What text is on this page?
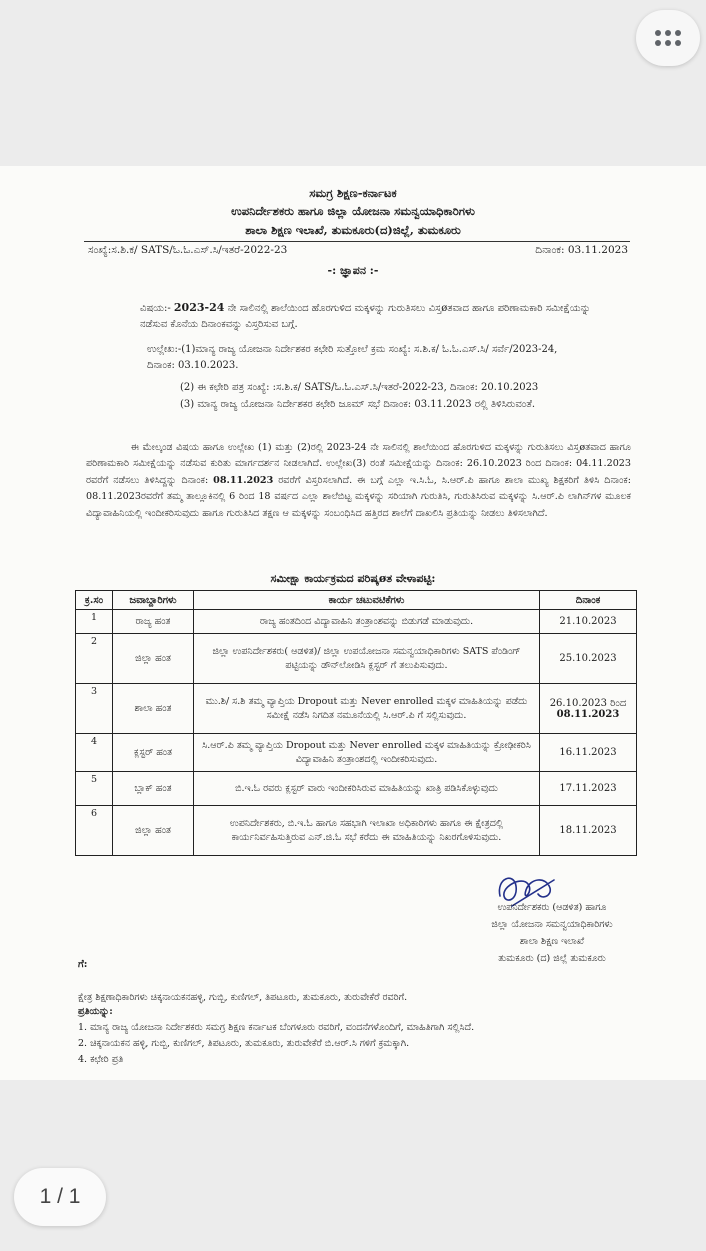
ಸಮಗ್ರ ಶಿಕ್ಷಣ-ಕರ್ನಾಟಕ
ಉಪನಿರ್ದೇಶಕರು ಹಾಗೂ ಜಿಲ್ಲಾ ಯೋಜನಾ ಸಮನ್ವಯಾಧಿಕಾರಿಗಳು
ಶಾಲಾ ಶಿಕ್ಷಣ ಇಲಾಖೆ, ತುಮಕೂರು(ದ)ಜಿಲ್ಲೆ, ತುಮಕೂರು
ಸಂಖ್ಯೆ:ಸ.ಶಿ.ಕ/ SATS/ಓ.ಓ.ಎಸ್.ಸಿ/ಇತರೆ-2022-23	ದಿನಾಂಕ: 03.11.2023
-: ಜ್ಞಾಪನ :-
ವಿಷಯ:- 2023-24 ನೇ ಸಾಲಿನಲ್ಲಿ ಶಾಲೆಯಿಂದ ಹೊರಗುಳಿದ ಮಕ್ಕಳನ್ನು ಗುರುತಿಸಲು ವಿಸ್ತøತವಾದ ಹಾಗೂ ಪರಿಣಾಮಕಾರಿ ಸಮೀಕ್ಷೆಯನ್ನು ನಡೆಸುವ ಕೊನೆಯ ದಿನಾಂಕವನ್ನು ವಿಸ್ತರಿಸುವ ಬಗ್ಗೆ.
ಉಲ್ಲೇಖ:-(1)ಮಾನ್ಯ ರಾಜ್ಯ ಯೋಜನಾ ನಿರ್ದೇಶಕರ ಕಛೇರಿ ಸುತ್ತೋಲೆ ಕ್ರಮ ಸಂಖ್ಯೆ: ಸ.ಶಿ.ಕ/ ಓ.ಓ.ಎಸ್.ಸಿ/ ಸರ್ವೆ/2023-24, ದಿನಾಂಕ: 03.10.2023.
(2) ಈ ಕಛೇರಿ ಪತ್ರ ಸಂಖ್ಯೆ: :ಸ.ಶಿ.ಕ/ SATS/ಓ.ಓ.ಎಸ್.ಸಿ/ಇತರೆ-2022-23, ದಿನಾಂಕ: 20.10.2023
(3) ಮಾನ್ಯ ರಾಜ್ಯ ಯೋಜನಾ ನಿರ್ದೇಶಕರ ಕಛೇರಿ ಜೂಮ್ ಸಭೆ ದಿನಾಂಕ: 03.11.2023 ರಲ್ಲಿ ತಿಳಿಸಿರುವಂತೆ.
ಈ ಮೇಲ್ಕಂಡ ವಿಷಯ ಹಾಗೂ ಉಲ್ಲೇಖ (1) ಮತ್ತು (2)ರಲ್ಲಿ 2023-24 ನೇ ಸಾಲಿನಲ್ಲಿ ಶಾಲೆಯಿಂದ ಹೊರಗುಳಿದ ಮಕ್ಕಳನ್ನು ಗುರುತಿಸಲು ವಿಸ್ತøತವಾದ ಹಾಗೂ ಪರಿಣಾಮಕಾರಿ ಸಮೀಕ್ಷೆಯನ್ನು ನಡೆಸುವ ಕುರಿತು ಮಾರ್ಗದರ್ಶನ ನೀಡಲಾಗಿದೆ. ಉಲ್ಲೇಖ(3) ರಂತೆ ಸಮೀಕ್ಷೆಯನ್ನು ದಿನಾಂಕ: 26.10.2023 ರಿಂದ ದಿನಾಂಕ: 04.11.2023 ರವರೆಗೆ ನಡೆಸಲು ತಿಳಿಸಿದ್ದನ್ನು ದಿನಾಂಕ: 08.11.2023 ರವರೆಗೆ ವಿಸ್ತರಿಸಲಾಗಿದೆ. ಈ ಬಗ್ಗೆ ಎಲ್ಲಾ ಇ.ಸಿ.ಓ, ಸಿ.ಆರ್.ಪಿ ಹಾಗೂ ಶಾಲಾ ಮುಖ್ಯ ಶಿಕ್ಷಕರಿಗೆ ತಿಳಿಸಿ ದಿನಾಂಕ: 08.11.2023ರವರೆಗೆ ತಮ್ಮ ತಾಲ್ಲೂಕಿನಲ್ಲಿ 6 ರಿಂದ 18 ವರ್ಷದ ಎಲ್ಲಾ ಶಾಲೆಬಿಟ್ಟ ಮಕ್ಕಳನ್ನು ಸರಿಯಾಗಿ ಗುರುತಿಸಿ, ಗುರುತಿಸಿರುವ ಮಕ್ಕಳನ್ನು ಸಿ.ಆರ್.ಪಿ ಲಾಗಿನ್‌ಗಳ ಮೂಲಕ ವಿದ್ಯಾವಾಹಿನಿಯಲ್ಲಿ ಇಂದೀಕರಿಸುವುದು ಹಾಗೂ ಗುರುತಿಸಿದ ತಕ್ಷಣ ಆ ಮಕ್ಕಳನ್ನು ಸಂಬಂಧಿಸಿದ ಹತ್ತಿರದ ಶಾಲೆಗೆ ದಾಖಲಿಸಿ ಪ್ರತಿಯನ್ನು ನೀಡಲು ತಿಳಿಸಲಾಗಿದೆ.
ಸಮೀಕ್ಷಾ ಕಾರ್ಯಕ್ರಮದ ಪರಿಷ್ಕøತ ವೇಳಾಪಟ್ಟಿ:
ಕ್ರ.ಸಂ	ಜವಾಬ್ದಾರಿಗಳು	ಕಾರ್ಯ ಚಟುವಟಿಕೆಗಳು	ದಿನಾಂಕ
1	ರಾಜ್ಯ ಹಂತ	ರಾಜ್ಯ ಹಂತದಿಂದ ವಿದ್ಯಾವಾಹಿನಿ ತಂತ್ರಾಂಶವನ್ನು ಬಿಡುಗಡೆ ಮಾಡುವುದು.	21.10.2023

2	ಜಿಲ್ಲಾ ಹಂತ	ಜಿಲ್ಲಾ ಉಪನಿರ್ದೇಶಕರು( ಆಡಳಿತ)/ ಜಿಲ್ಲಾ ಉಪಯೋಜನಾ ಸಮನ್ವಯಾಧಿಕಾರಿಗಳು SATS ಪೆಂಡಿಂಗ್ ಪಟ್ಟಿಯನ್ನು ಡೌನ್‌ಲೋಡಿಸಿ ಕ್ಲಸ್ಟರ್ ಗೆ ತಲುಪಿಸುವುದು.	25.10.2023

3	ಶಾಲಾ ಹಂತ	ಮು.ಶಿ/ ಸ.ಶಿ ತಮ್ಮ ವ್ಯಾಪ್ತಿಯ Dropout ಮತ್ತು Never enrolled ಮಕ್ಕಳ ಮಾಹಿತಿಯನ್ನು ಪಡೆದು ಸಮೀಕ್ಷೆ ನಡೆಸಿ ನಿಗದಿತ ನಮೂನೆಯಲ್ಲಿ ಸಿ.ಆರ್.ಪಿ ಗೆ ಸಲ್ಲಿಸುವುದು.	26.10.2023 ರಿಂದ
08.11.2023
4	ಕ್ಲಸ್ಟರ್ ಹಂತ	ಸಿ.ಆರ್.ಪಿ ತಮ್ಮ ವ್ಯಾಪ್ತಿಯ Dropout ಮತ್ತು Never enrolled ಮಕ್ಕಳ ಮಾಹಿತಿಯನ್ನು ಕ್ರೋಢೀಕರಿಸಿ ವಿದ್ಯಾವಾಹಿನಿ ತಂತ್ರಾಂಶದಲ್ಲಿ ಇಂದೀಕರಿಸುವುದು.	16.11.2023

5	ಬ್ಲಾಕ್ ಹಂತ	ಬಿ.ಇ.ಓ ರವರು ಕ್ಲಸ್ಟರ್ ವಾರು ಇಂದೀಕರಿಸಿರುವ ಮಾಹಿತಿಯನ್ನು ಖಾತ್ರಿ ಪಡಿಸಿಕೊಳ್ಳುವುದು	17.11.2023

6	ಜಿಲ್ಲಾ ಹಂತ	ಉಪನಿರ್ದೇಶಕರು, ಬಿ.ಇ.ಓ ಹಾಗೂ ಸಹಭಾಗಿ ಇಲಾಖಾ ಅಧಿಕಾರಿಗಳು ಹಾಗೂ ಈ ಕ್ಷೇತ್ರದಲ್ಲಿ ಕಾರ್ಯನಿರ್ವಹಿಸುತ್ತಿರುವ ಎನ್.ಜಿ.ಓ ಸಭೆ ಕರೆದು ಈ ಮಾಹಿತಿಯನ್ನು ನಿಖರಗೊಳಿಸುವುದು.	18.11.2023

ಉಪನಿರ್ದೇಶಕರು (ಆಡಳಿತ) ಹಾಗೂ
ಜಿಲ್ಲಾ ಯೋಜನಾ ಸಮನ್ವಯಾಧಿಕಾರಿಗಳು
ಶಾಲಾ ಶಿಕ್ಷಣ ಇಲಾಖೆ
ತುಮಕೂರು (ದ) ಜಿಲ್ಲೆ ತುಮಕೂರು
ಗೆ:
ಕ್ಷೇತ್ರ ಶಿಕ್ಷಣಾಧಿಕಾರಿಗಳು ಚಿಕ್ಕನಾಯಕನಹಳ್ಳಿ, ಗುಬ್ಬಿ, ಕುಣಿಗಲ್, ತಿಪಟೂರು, ತುಮಕೂರು, ತುರುವೇಕೆರೆ ರವರಿಗೆ.
ಪ್ರತಿಯನ್ನು:
1. ಮಾನ್ಯ ರಾಜ್ಯ ಯೋಜನಾ ನಿರ್ದೇಶಕರು ಸಮಗ್ರ ಶಿಕ್ಷಣ ಕರ್ನಾಟಕ ಬೆಂಗಳೂರು ರವರಿಗೆ, ವಂದನೆಗಳೊಂದಿಗೆ, ಮಾಹಿತಿಗಾಗಿ ಸಲ್ಲಿಸಿದೆ.
2. ಚಿಕ್ಕನಾಯಕನ ಹಳ್ಳಿ, ಗುಬ್ಬಿ, ಕುಣಿಗಲ್, ತಿಪಟೂರು, ತುಮಕೂರು, ತುರುವೇಕೆರೆ ಬಿ.ಆರ್.ಸಿ ಗಳಿಗೆ ಕ್ರಮಕ್ಕಾಗಿ.
4. ಕಛೇರಿ ಪ್ರತಿ
1 / 1
